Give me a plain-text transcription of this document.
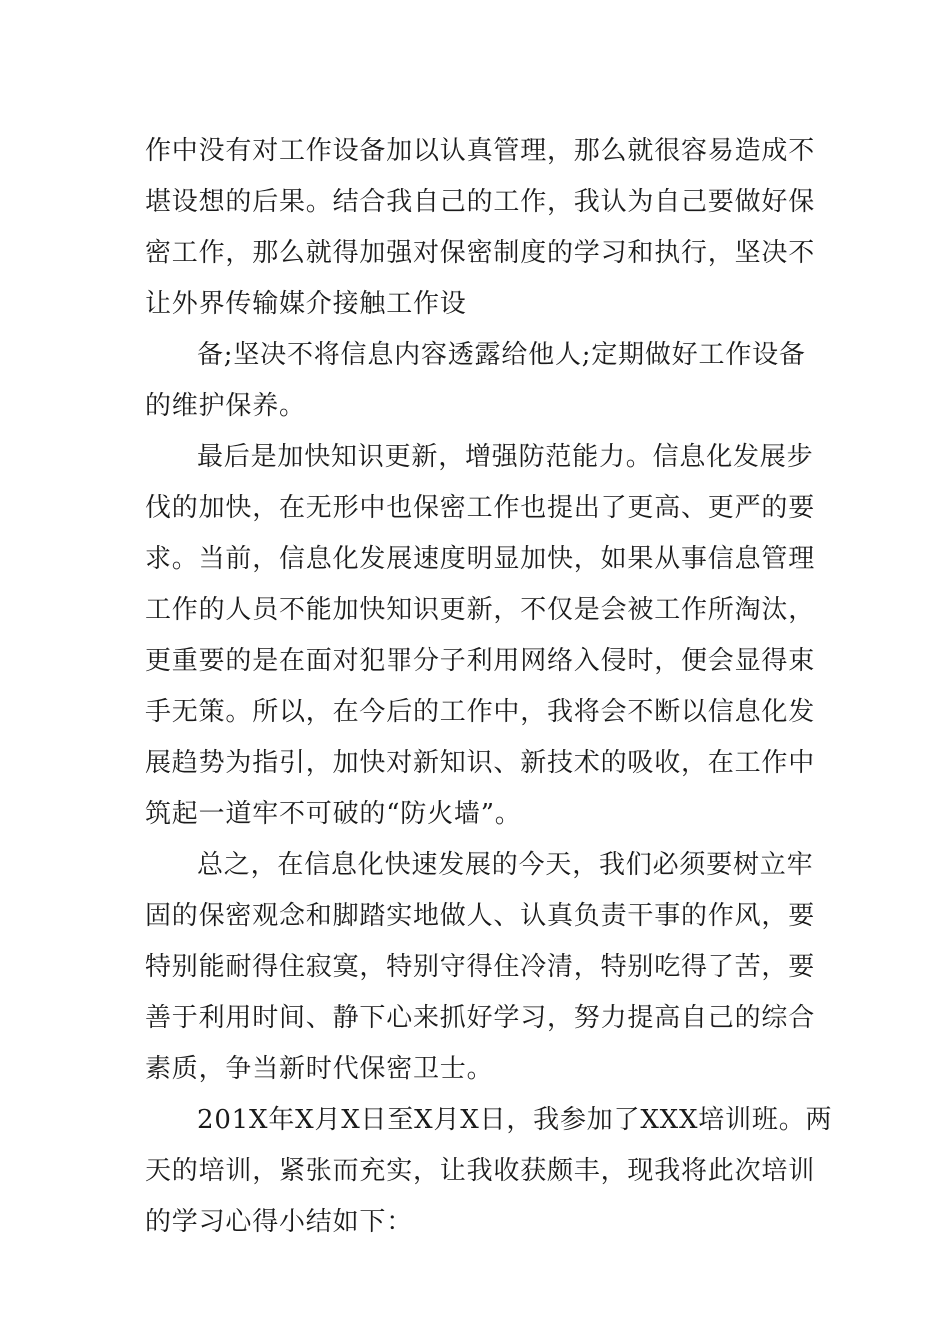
作中没有对工作设备加以认真管理，那么就很容易造成不
堪设想的后果。结合我自己的工作，我认为自己要做好保
密工作，那么就得加强对保密制度的学习和执行，坚决不
让外界传输媒介接触工作设
备;坚决不将信息内容透露给他人;定期做好工作设备
的维护保养。
最后是加快知识更新，增强防范能力。信息化发展步
伐的加快，在无形中也保密工作也提出了更高、更严的要
求。当前，信息化发展速度明显加快，如果从事信息管理
工作的人员不能加快知识更新，不仅是会被工作所淘汰，
更重要的是在面对犯罪分子利用网络入侵时，便会显得束
手无策。所以，在今后的工作中，我将会不断以信息化发
展趋势为指引，加快对新知识、新技术的吸收，在工作中
筑起一道牢不可破的“防火墙”。
总之，在信息化快速发展的今天，我们必须要树立牢
固的保密观念和脚踏实地做人、认真负责干事的作风，要
特别能耐得住寂寞，特别守得住冷清，特别吃得了苦，要
善于利用时间、静下心来抓好学习，努力提高自己的综合
素质，争当新时代保密卫士。
201X年X月X日至X月X日，我参加了XXX培训班。两
天的培训，紧张而充实，让我收获颇丰，现我将此次培训
的学习心得小结如下：
